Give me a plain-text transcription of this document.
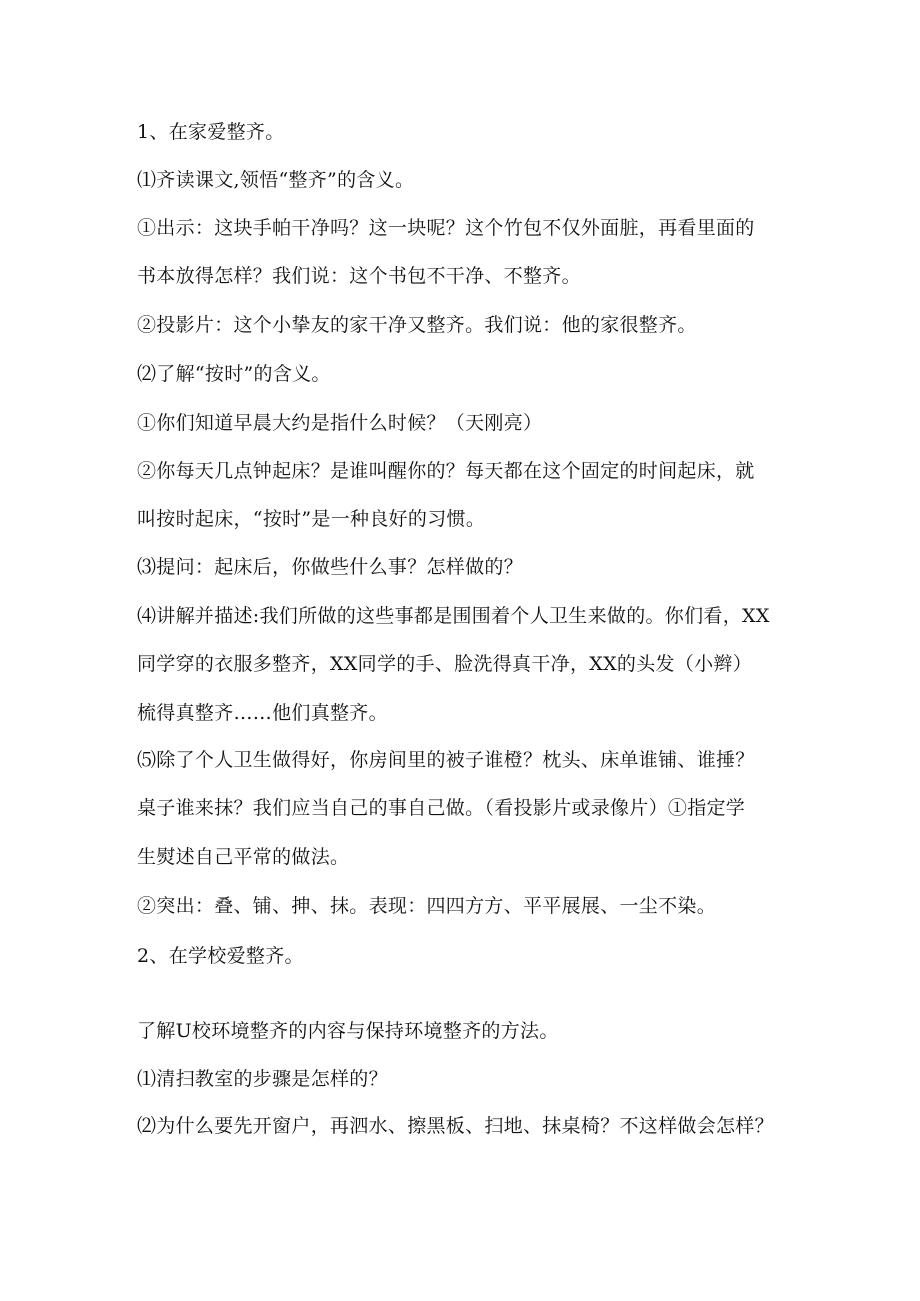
1、在家爱整齐。
⑴齐读课文,领悟“整齐”的含义。
①出示：这块手帕干净吗？这一块呢？这个竹包不仅外面脏，再看里面的
书本放得怎样？我们说：这个书包不干净、不整齐。
②投影片：这个小挚友的家干净又整齐。我们说：他的家很整齐。
⑵了解“按时”的含义。
①你们知道早晨大约是指什么时候？（天刚亮）
②你每天几点钟起床？是谁叫醒你的？每天都在这个固定的时间起床，就
叫按时起床，“按时”是一种良好的习惯。
⑶提问：起床后，你做些什么事？怎样做的？
⑷讲解并描述:我们所做的这些事都是围围着个人卫生来做的。你们看，XX
同学穿的衣服多整齐，XX同学的手、脸洗得真干净，XX的头发（小辫）
梳得真整齐……他们真整齐。
⑸除了个人卫生做得好，你房间里的被子谁橙？枕头、床单谁铺、谁捶？
桌子谁来抹？我们应当自己的事自己做。（看投影片或录像片）①指定学
生熨述自己平常的做法。
②突出：叠、铺、抻、抹。表现：四四方方、平平展展、一尘不染。
2、在学校爱整齐。
了解U校环境整齐的内容与保持环境整齐的方法。
⑴清扫教室的步骤是怎样的？
⑵为什么要先开窗户，再泗水、擦黑板、扫地、抹桌椅？不这样做会怎样？
